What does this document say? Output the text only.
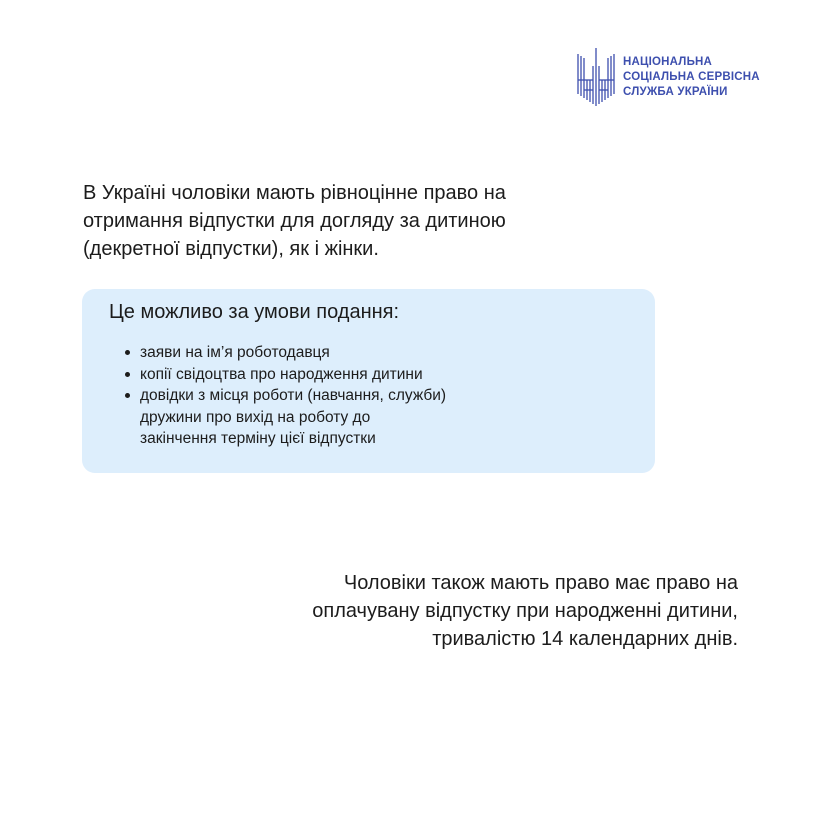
НАЦІОНАЛЬНА
СОЦІАЛЬНА СЕРВІСНА
СЛУЖБА УКРАЇНИ

В Україні чоловіки мають рівноцінне право на
отримання відпустки для догляду за дитиною
(декретної відпустки), як і жінки.

Це можливо за умови подання:
заяви на ім’я роботодавця
копії свідоцтва про народження дитини
довідки з місця роботи (навчання, служби)
дружини про вихід на роботу до
закінчення терміну цієї відпустки

Чоловіки також мають право має право на
оплачувану відпустку при народженні дитини,
тривалістю 14 календарних днів.
